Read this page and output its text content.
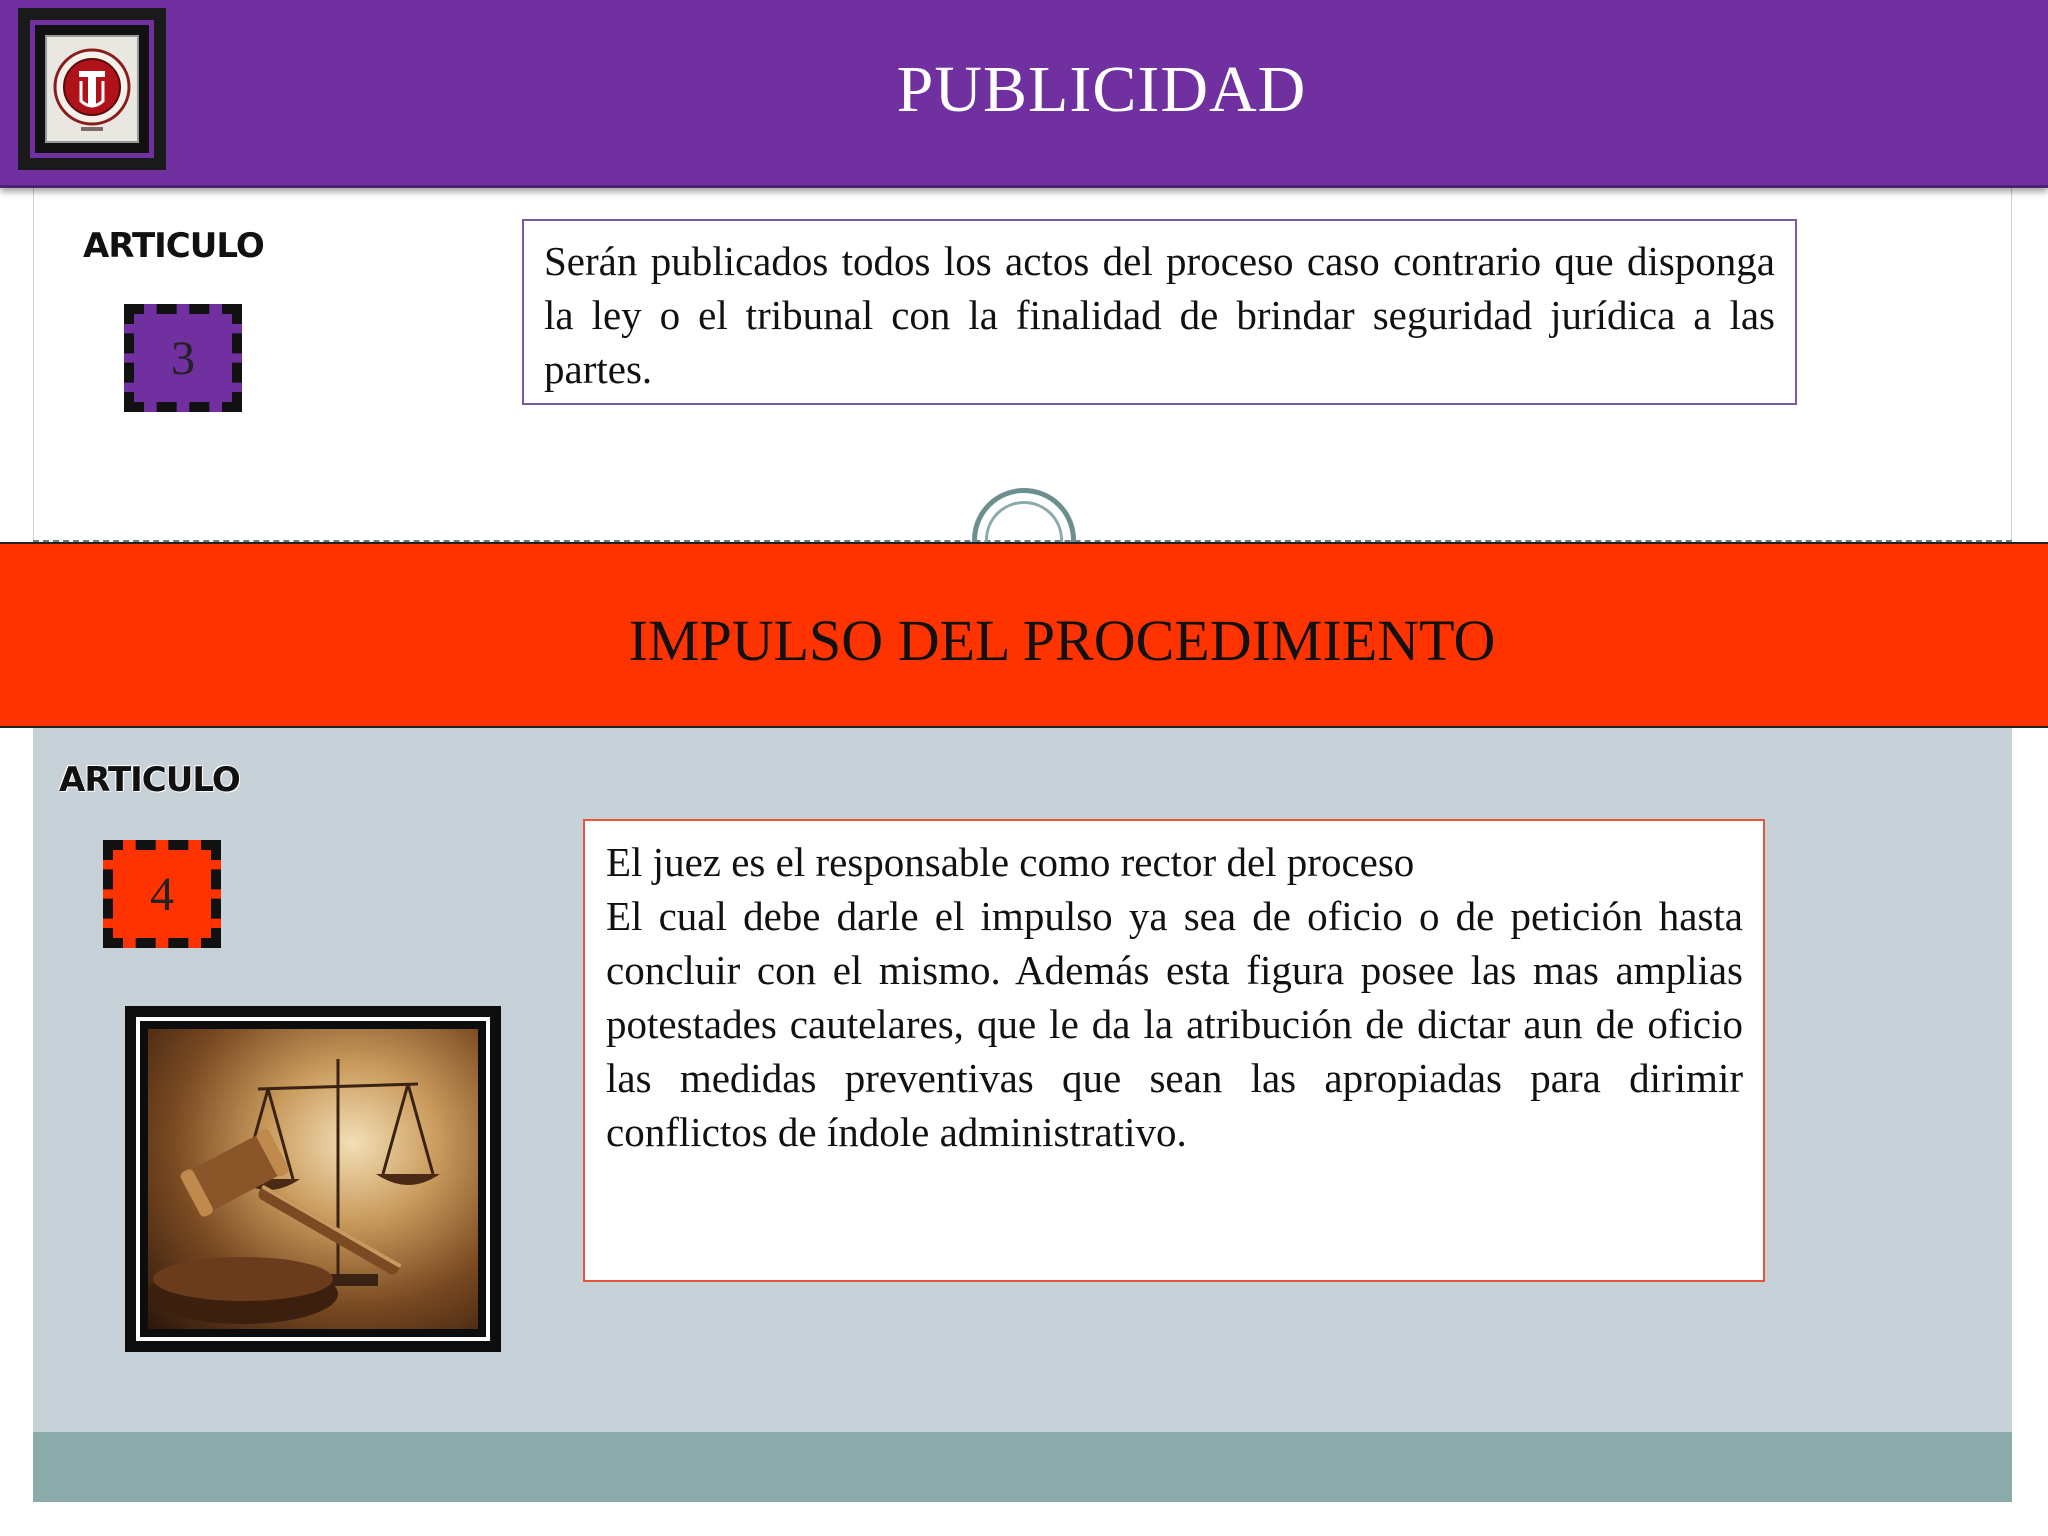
PUBLICIDAD
ARTICULO
3

Serán publicados todos los actos del proceso caso contrario que disponga la ley o el tribunal con la finalidad de brindar seguridad jurídica a las partes.

IMPULSO DEL PROCEDIMIENTO
ARTICULO
4

El juez es el responsable como rector del proceso

El cual debe darle el impulso ya sea de oficio o de petición hasta concluir con el mismo. Además esta figura posee las mas amplias potestades cautelares, que le da la atribución de dictar aun de oficio las medidas preventivas que sean las apropiadas para dirimir conflictos de índole administrativo.
